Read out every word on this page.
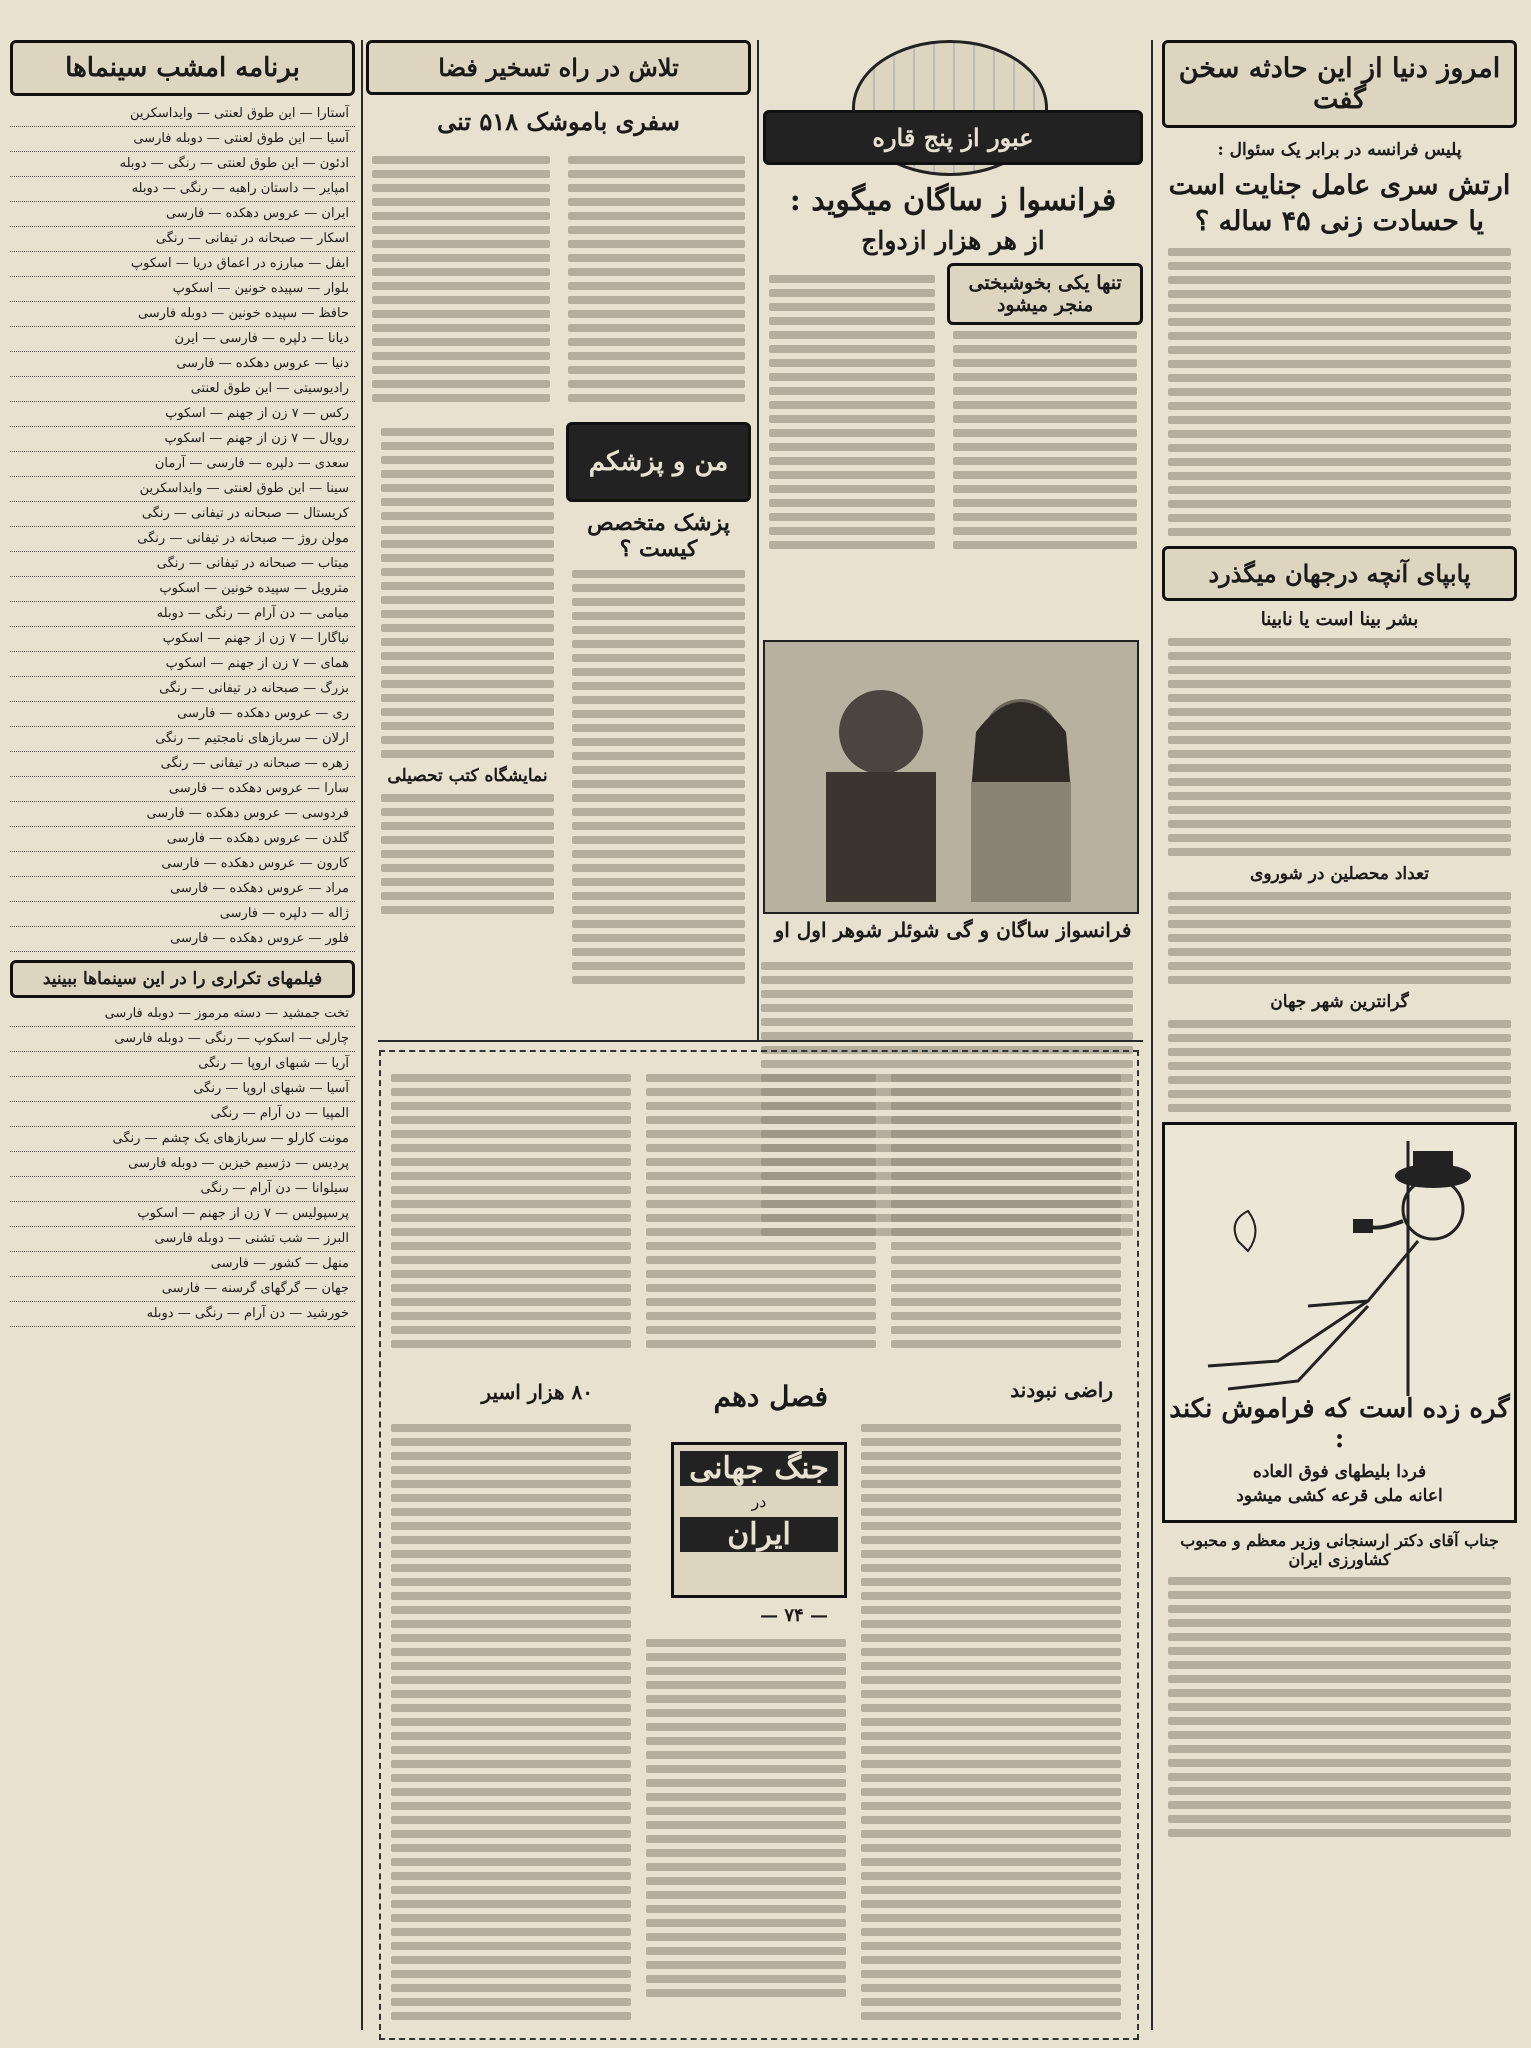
امروز دنیا از این حادثه سخن گفت
پلیس فرانسه در برابر یک سئوال :
ارتش سری عامل جنایت است یا حسادت زنی ۴۵ ساله ؟
پابپای آنچه درجهان میگذرد
بشر بینا است یا نابینا
تعداد محصلین در شوروی
گرانترین شهر جهان
گره زده است که فراموش نکند :
فردا بلیطهای فوق العاده
اعانه ملی قرعه کشی میشود
جناب آقای دکتر ارسنجانی وزیر معظم و محبوب کشاورزی ایران
عبور از پنج قاره
فرانسوا ز ساگان میگوید :
از هر هزار ازدواج
تنها یکی بخوشبختی
منجر میشود
فرانسواز ساگان و گی شوئلر شوهر اول او
تلاش در راه تسخیر فضا
سفری باموشک ۵۱۸ تنی
من و پزشکم
پزشک متخصص کیست ؟
نمایشگاه کتب تحصیلی
راضی نبودند
فصل دهم
۸۰ هزار اسیر
جنگ جهانی
در
ایران
— ۷۴ —
برنامه امشب سینماها
آستارا — این طوق لعنتی — وایداسکرین
آسیا — این طوق لعنتی — دوبله فارسی
ادئون — این طوق لعنتی — رنگی — دوبله
امپایر — داستان راهبه — رنگی — دوبله
ایران — عروس دهکده — فارسی
اسکار — صبحانه در تیفانی — رنگی
ایفل — مبارزه در اعماق دریا — اسکوپ
بلوار — سپیده خونین — اسکوپ
حافظ — سپیده خونین — دوبله فارسی
دیانا — دلپره — فارسی — ایرن
دنیا — عروس دهکده — فارسی
رادیوسیتی — این طوق لعنتی
رکس — ۷ زن از جهنم — اسکوپ
رویال — ۷ زن از جهنم — اسکوپ
سعدی — دلپره — فارسی — آرمان
سینا — این طوق لعنتی — وایداسکرین
کریستال — صبحانه در تیفانی — رنگی
مولن روژ — صبحانه در تیفانی — رنگی
میتاب — صبحانه در تیفانی — رنگی
مترویل — سپیده خونین — اسکوپ
میامی — دن آرام — رنگی — دوبله
نیاگارا — ۷ زن از جهنم — اسکوپ
همای — ۷ زن از جهنم — اسکوپ
بزرگ — صبحانه در تیفانی — رنگی
ری — عروس دهکده — فارسی
ارلان — سربازهای نامجتیم — رنگی
زهره — صبحانه در تیفانی — رنگی
سارا — عروس دهکده — فارسی
فردوسی — عروس دهکده — فارسی
گلدن — عروس دهکده — فارسی
کارون — عروس دهکده — فارسی
مراد — عروس دهکده — فارسی
ژاله — دلپره — فارسی
فلور — عروس دهکده — فارسی
فیلمهای تکراری را در این سینماها ببینید
تخت جمشید — دسته مرموز — دوبله فارسی
چارلی — اسکوپ — رنگی — دوبله فارسی
آریا — شبهای اروپا — رنگی
آسیا — شبهای اروپا — رنگی
المپیا — دن آرام — رنگی
مونت کارلو — سربازهای یک چشم — رنگی
پردیس — دژسیم خیزبن — دوبله فارسی
سیلوانا — دن آرام — رنگی
پرسپولیس — ۷ زن از جهنم — اسکوپ
البرز — شب تشنی — دوبله فارسی
منهل — کشور — فارسی
جهان — گرگهای گرسنه — فارسی
خورشید — دن آرام — رنگی — دوبله
